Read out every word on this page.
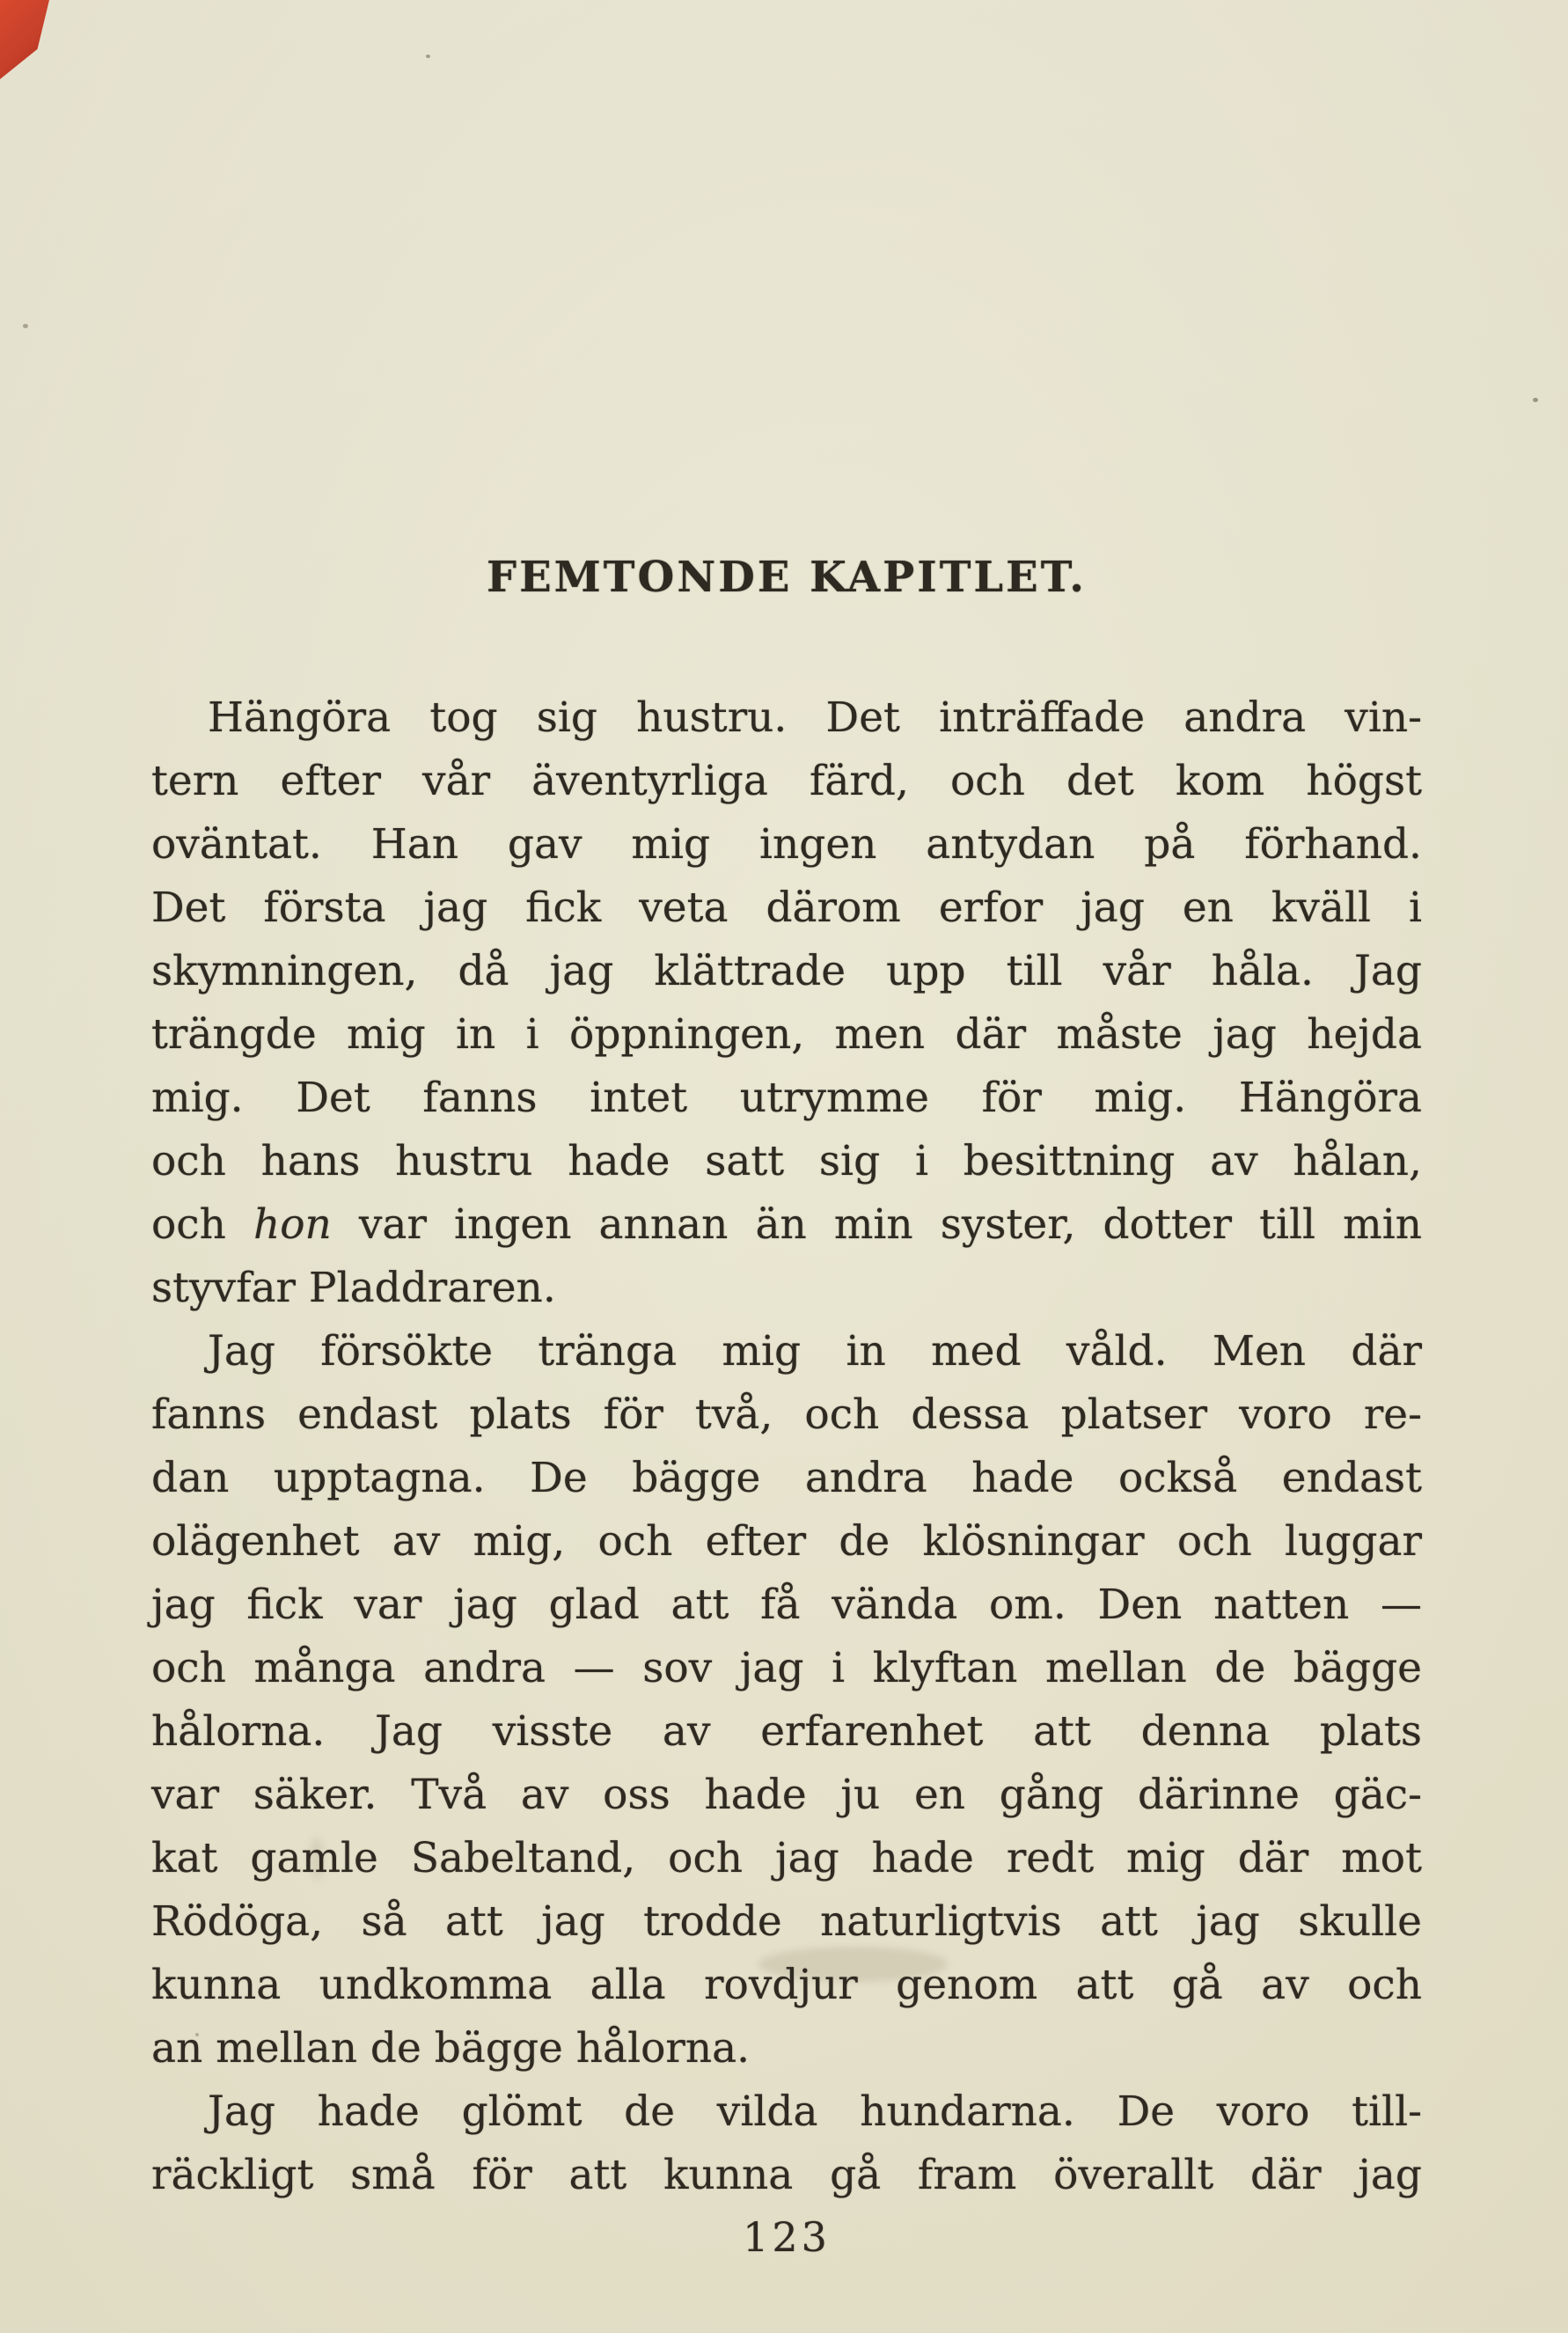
FEMTONDE KAPITLET.
Hängöra tog sig hustru. Det inträffade andra vin-
tern efter vår äventyrliga färd, och det kom högst
oväntat. Han gav mig ingen antydan på förhand.
Det första jag fick veta därom erfor jag en kväll i
skymningen, då jag klättrade upp till vår håla. Jag
trängde mig in i öppningen, men där måste jag hejda
mig. Det fanns intet utrymme för mig. Hängöra
och hans hustru hade satt sig i besittning av hålan,
och hon var ingen annan än min syster, dotter till min
styvfar Pladdraren.
Jag försökte tränga mig in med våld. Men där
fanns endast plats för två, och dessa platser voro re-
dan upptagna. De bägge andra hade också endast
olägenhet av mig, och efter de klösningar och luggar
jag fick var jag glad att få vända om. Den natten —
och många andra — sov jag i klyftan mellan de bägge
hålorna. Jag visste av erfarenhet att denna plats
var säker. Två av oss hade ju en gång därinne gäc-
kat gamle Sabeltand, och jag hade redt mig där mot
Rödöga, så att jag trodde naturligtvis att jag skulle
kunna undkomma alla rovdjur genom att gå av och
an mellan de bägge hålorna.
Jag hade glömt de vilda hundarna. De voro till-
räckligt små för att kunna gå fram överallt där jag
123
